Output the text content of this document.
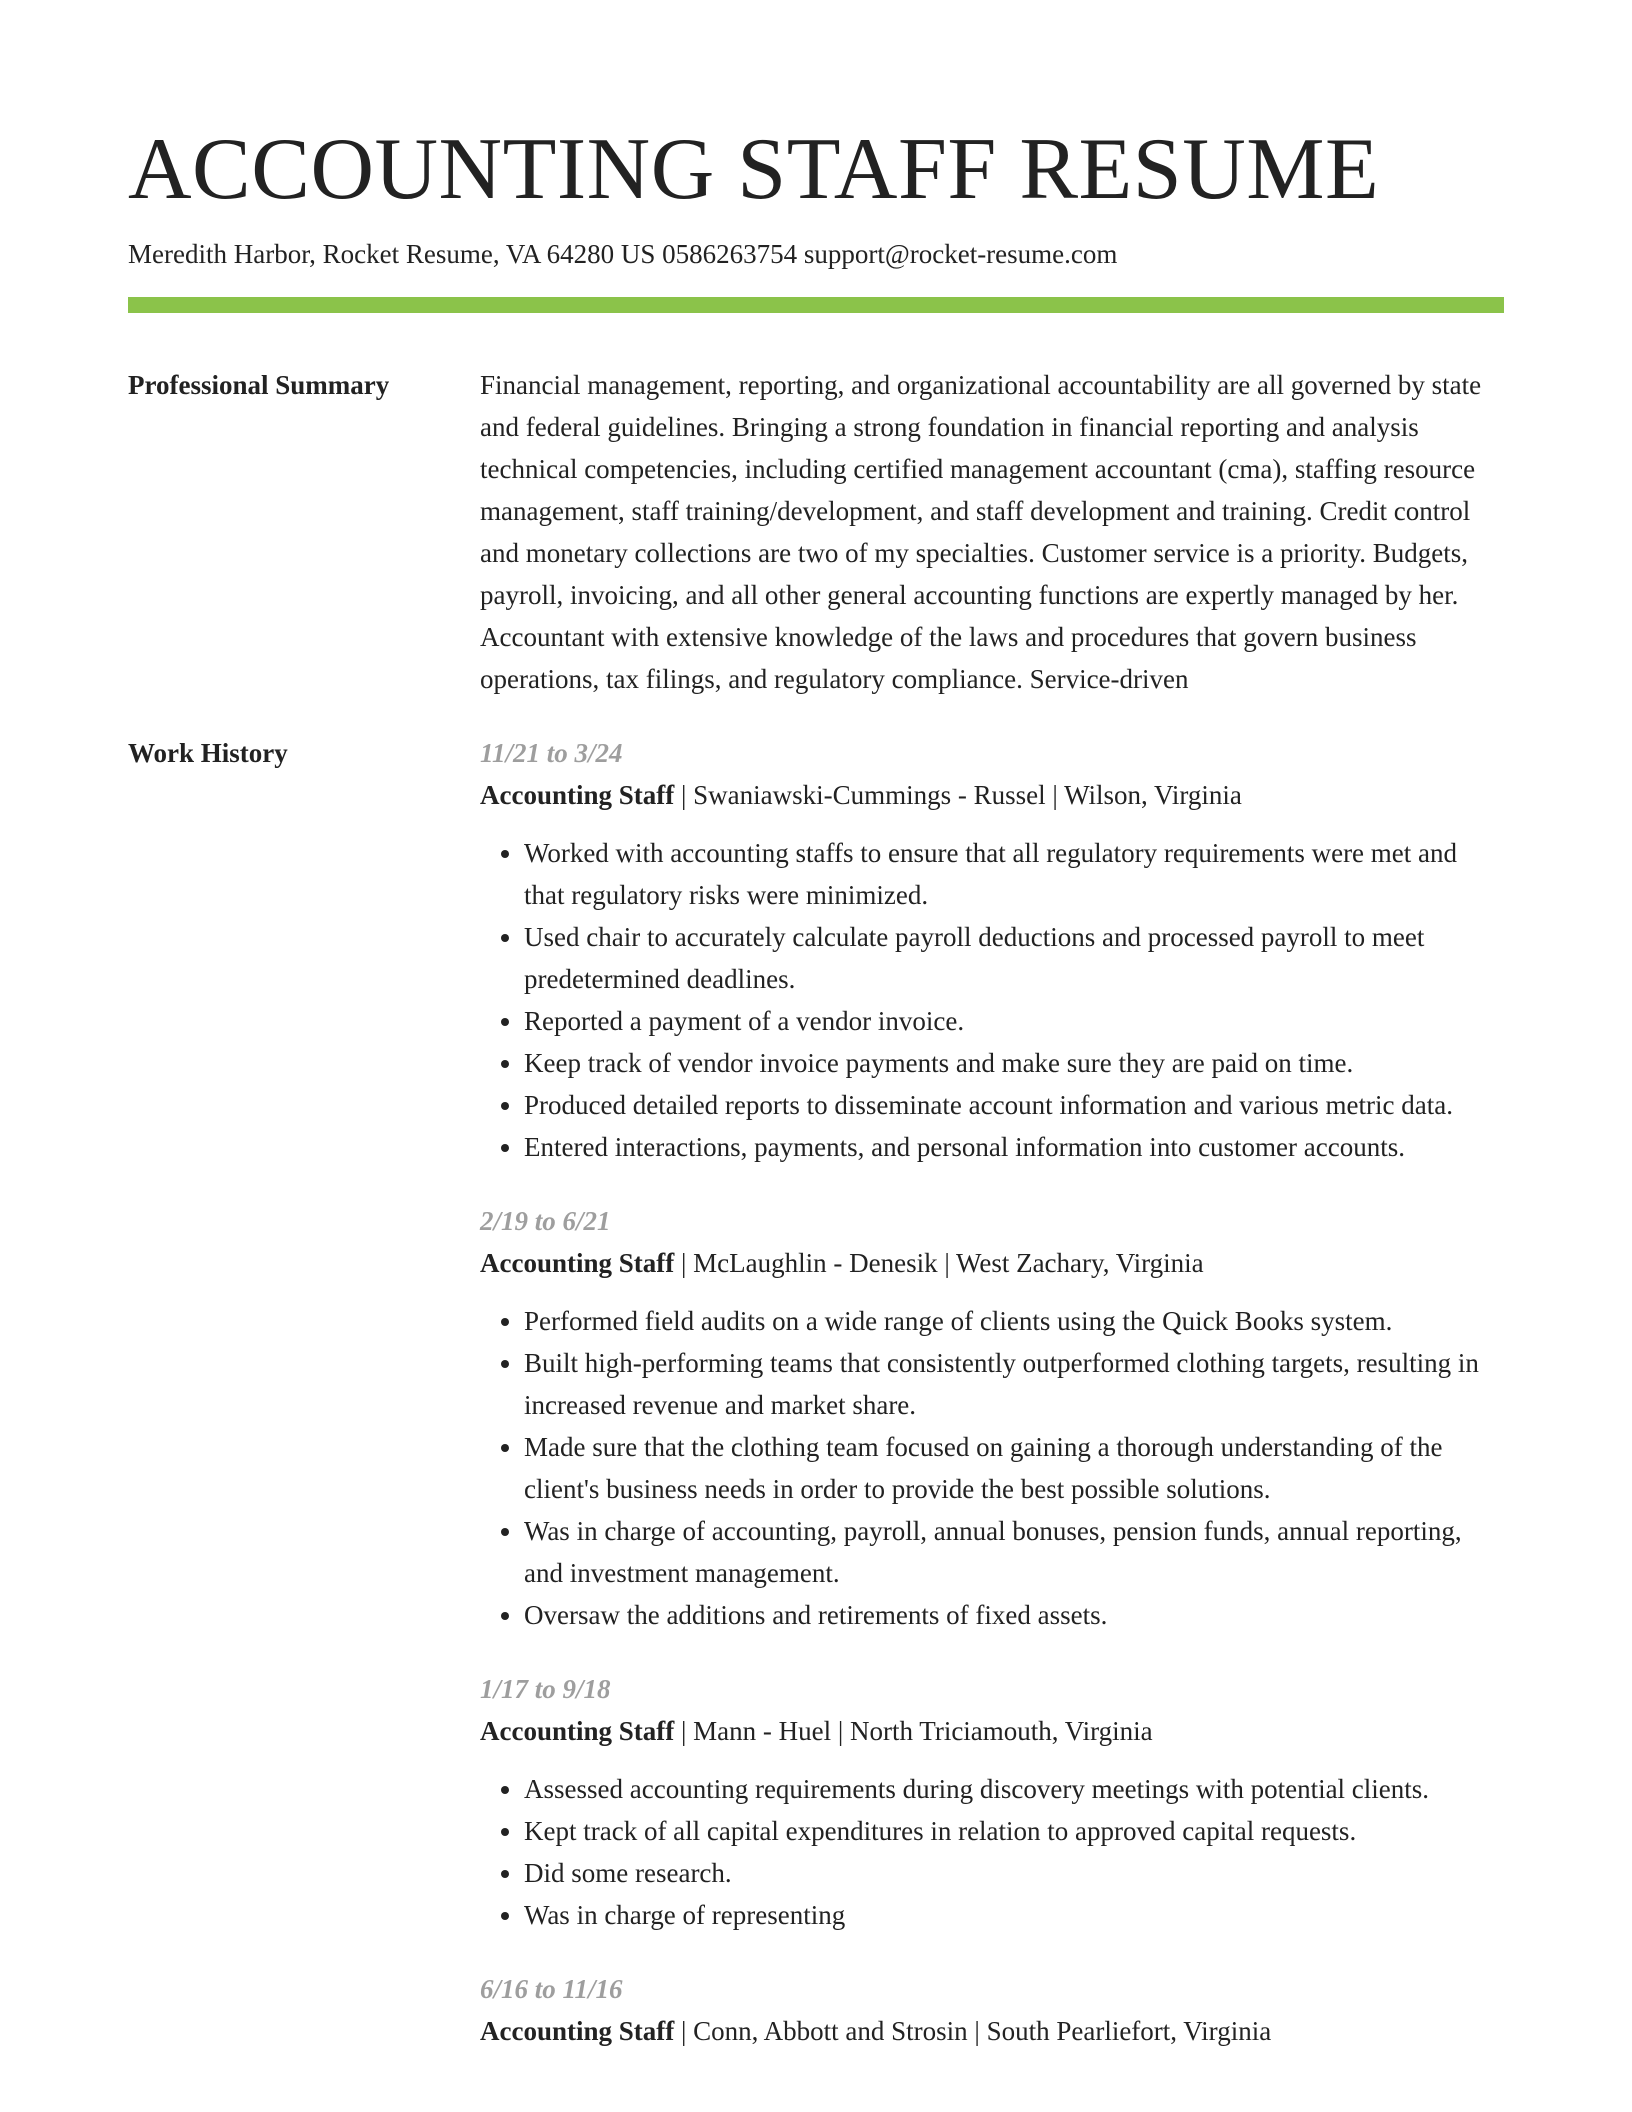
ACCOUNTING STAFF RESUME
Meredith Harbor, Rocket Resume, VA 64280 US 0586263754 support@rocket-resume.com
Professional Summary	Financial management, reporting, and organizational accountability are all governed by state and federal guidelines. Bringing a strong foundation in financial reporting and analysis technical competencies, including certified management accountant (cma), staffing resource management, staff training/development, and staff development and training. Credit control and monetary collections are two of my specialties. Customer service is a priority. Budgets, payroll, invoicing, and all other general accounting functions are expertly managed by her. Accountant with extensive knowledge of the laws and procedures that govern business operations, tax filings, and regulatory compliance. Service-driven
Work History	11/21 to 3/24
Accounting Staff | Swaniawski-Cummings - Russel | Wilson, Virginia
• Worked with accounting staffs to ensure that all regulatory requirements were met and that regulatory risks were minimized.
• Used chair to accurately calculate payroll deductions and processed payroll to meet predetermined deadlines.
• Reported a payment of a vendor invoice.
• Keep track of vendor invoice payments and make sure they are paid on time.
• Produced detailed reports to disseminate account information and various metric data.
• Entered interactions, payments, and personal information into customer accounts.
2/19 to 6/21
Accounting Staff | McLaughlin - Denesik | West Zachary, Virginia
• Performed field audits on a wide range of clients using the Quick Books system.
• Built high-performing teams that consistently outperformed clothing targets, resulting in increased revenue and market share.
• Made sure that the clothing team focused on gaining a thorough understanding of the client's business needs in order to provide the best possible solutions.
• Was in charge of accounting, payroll, annual bonuses, pension funds, annual reporting, and investment management.
• Oversaw the additions and retirements of fixed assets.
1/17 to 9/18
Accounting Staff | Mann - Huel | North Triciamouth, Virginia
• Assessed accounting requirements during discovery meetings with potential clients.
• Kept track of all capital expenditures in relation to approved capital requests.
• Did some research.
• Was in charge of representing
6/16 to 11/16
Accounting Staff | Conn, Abbott and Strosin | South Pearliefort, Virginia
